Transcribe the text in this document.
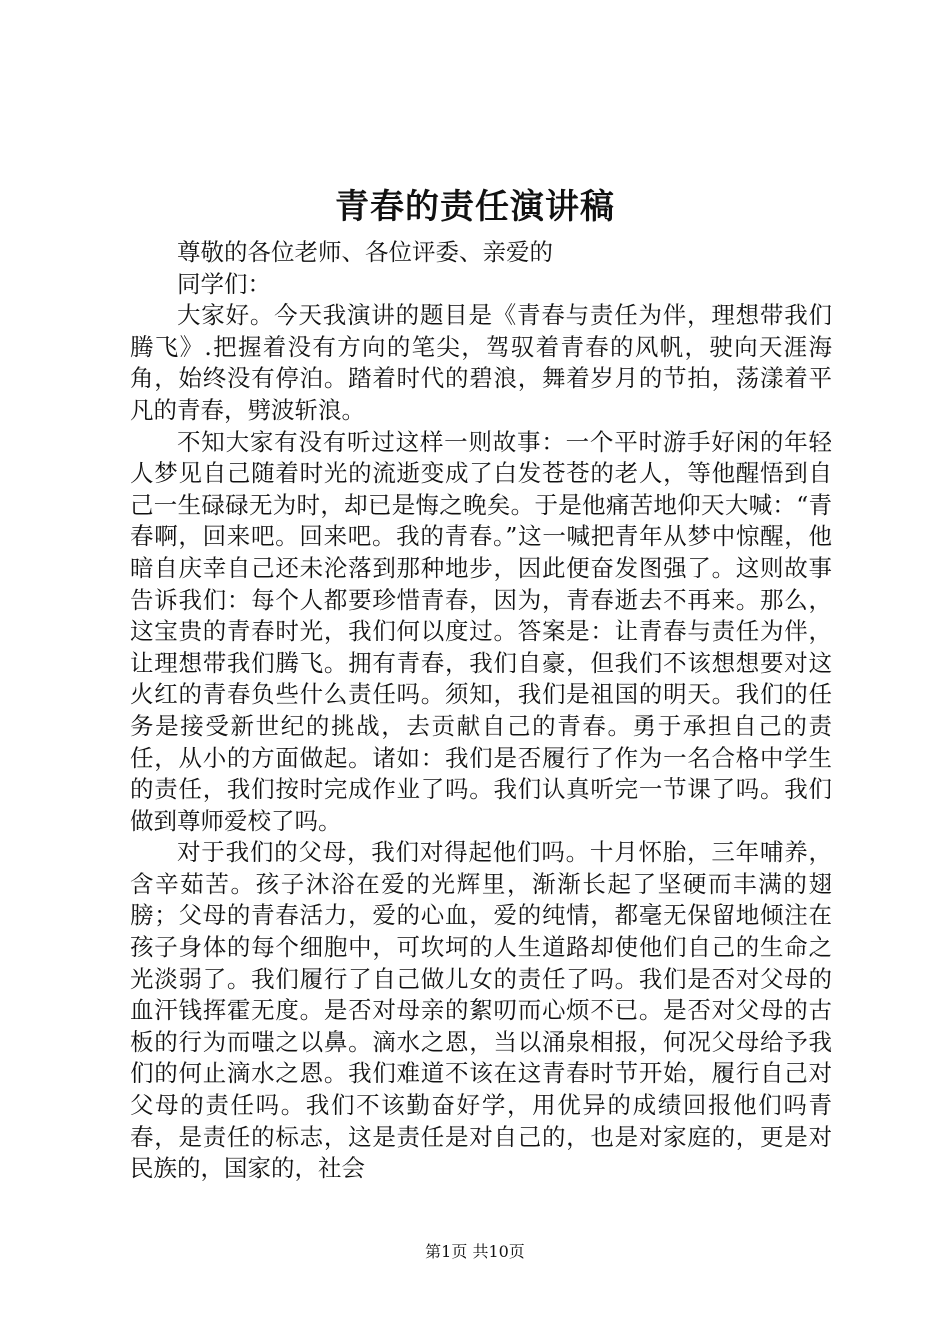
青春的责任演讲稿

尊敬的各位老师、各位评委、亲爱的

同学们：

大家好。今天我演讲的题目是《青春与责任为伴，理想带我们腾飞》.把握着没有方向的笔尖，驾驭着青春的风帆，驶向天涯海角，始终没有停泊。踏着时代的碧浪，舞着岁月的节拍，荡漾着平凡的青春，劈波斩浪。

不知大家有没有听过这样一则故事：一个平时游手好闲的年轻人梦见自己随着时光的流逝变成了白发苍苍的老人，等他醒悟到自己一生碌碌无为时，却已是悔之晚矣。于是他痛苦地仰天大喊：“青春啊，回来吧。回来吧。我的青春。”这一喊把青年从梦中惊醒，他暗自庆幸自己还未沦落到那种地步，因此便奋发图强了。这则故事告诉我们：每个人都要珍惜青春，因为，青春逝去不再来。那么，这宝贵的青春时光，我们何以度过。答案是：让青春与责任为伴，让理想带我们腾飞。拥有青春，我们自豪，但我们不该想想要对这火红的青春负些什么责任吗。须知，我们是祖国的明天。我们的任务是接受新世纪的挑战，去贡献自己的青春。勇于承担自己的责任，从小的方面做起。诸如：我们是否履行了作为一名合格中学生的责任，我们按时完成作业了吗。我们认真听完一节课了吗。我们做到尊师爱校了吗。

对于我们的父母，我们对得起他们吗。十月怀胎，三年哺养，含辛茹苦。孩子沐浴在爱的光辉里，渐渐长起了坚硬而丰满的翅膀；父母的青春活力，爱的心血，爱的纯情，都毫无保留地倾注在孩子身体的每个细胞中，可坎坷的人生道路却使他们自己的生命之光淡弱了。我们履行了自己做儿女的责任了吗。我们是否对父母的血汗钱挥霍无度。是否对母亲的絮叨而心烦不已。是否对父母的古板的行为而嗤之以鼻。滴水之恩，当以涌泉相报，何况父母给予我们的何止滴水之恩。我们难道不该在这青春时节开始，履行自己对父母的责任吗。我们不该勤奋好学，用优异的成绩回报他们吗青春，是责任的标志，这是责任是对自己的，也是对家庭的，更是对民族的，国家的，社会

第1页 共10页
